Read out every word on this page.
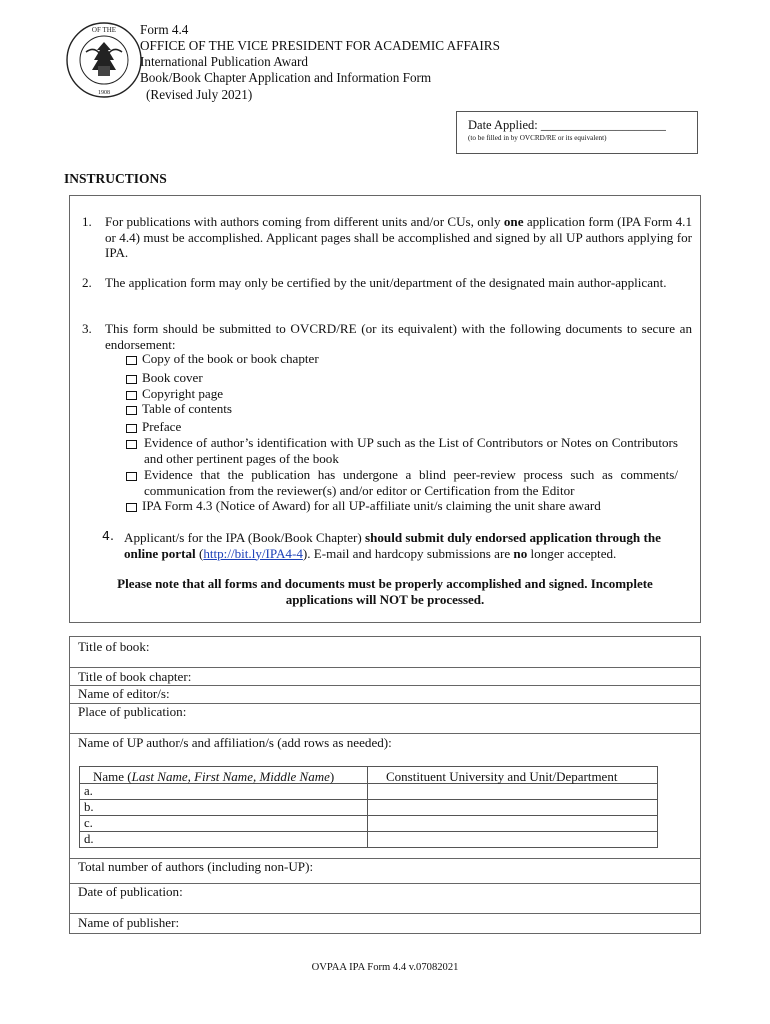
OF THE
1908
Form 4.4
OFFICE OF THE VICE PRESIDENT FOR ACADEMIC AFFAIRS
International Publication Award
Book/Book Chapter Application and Information Form
(Revised July 2021)
Date Applied: ____________________
(to be filled in by OVCRD/RE or its equivalent)
INSTRUCTIONS
1. For publications with authors coming from different units and/or CUs, only one application form (IPA Form 4.1 or 4.4) must be accomplished. Applicant pages shall be accomplished and signed by all UP authors applying for IPA.
2. The application form may only be certified by the unit/department of the designated main author-applicant.
3. This form should be submitted to OVCRD/RE (or its equivalent) with the following documents to secure an endorsement:
Copy of the book or book chapter
Book cover
Copyright page
Table of contents
Preface
Evidence of author’s identification with UP such as the List of Contributors or Notes on Contributors and other pertinent pages of the book
Evidence that the publication has undergone a blind peer-review process such as comments/ communication from the reviewer(s) and/or editor or Certification from the Editor
IPA Form 4.3 (Notice of Award) for all UP-affiliate unit/s claiming the unit share award
4. Applicant/s for the IPA (Book/Book Chapter) should submit duly endorsed application through the online portal (http://bit.ly/IPA4-4). E-mail and hardcopy submissions are no longer accepted.
Please note that all forms and documents must be properly accomplished and signed. Incomplete
applications will NOT be processed.
Title of book:
Title of book chapter:
Name of editor/s:
Place of publication:
Name of UP author/s and affiliation/s (add rows as needed):
Name (Last Name, First Name, Middle Name)	Constituent University and Unit/Department
a.
b.
c.
d.
Total number of authors (including non-UP):
Date of publication:
Name of publisher:
OVPAA IPA Form 4.4 v.07082021
